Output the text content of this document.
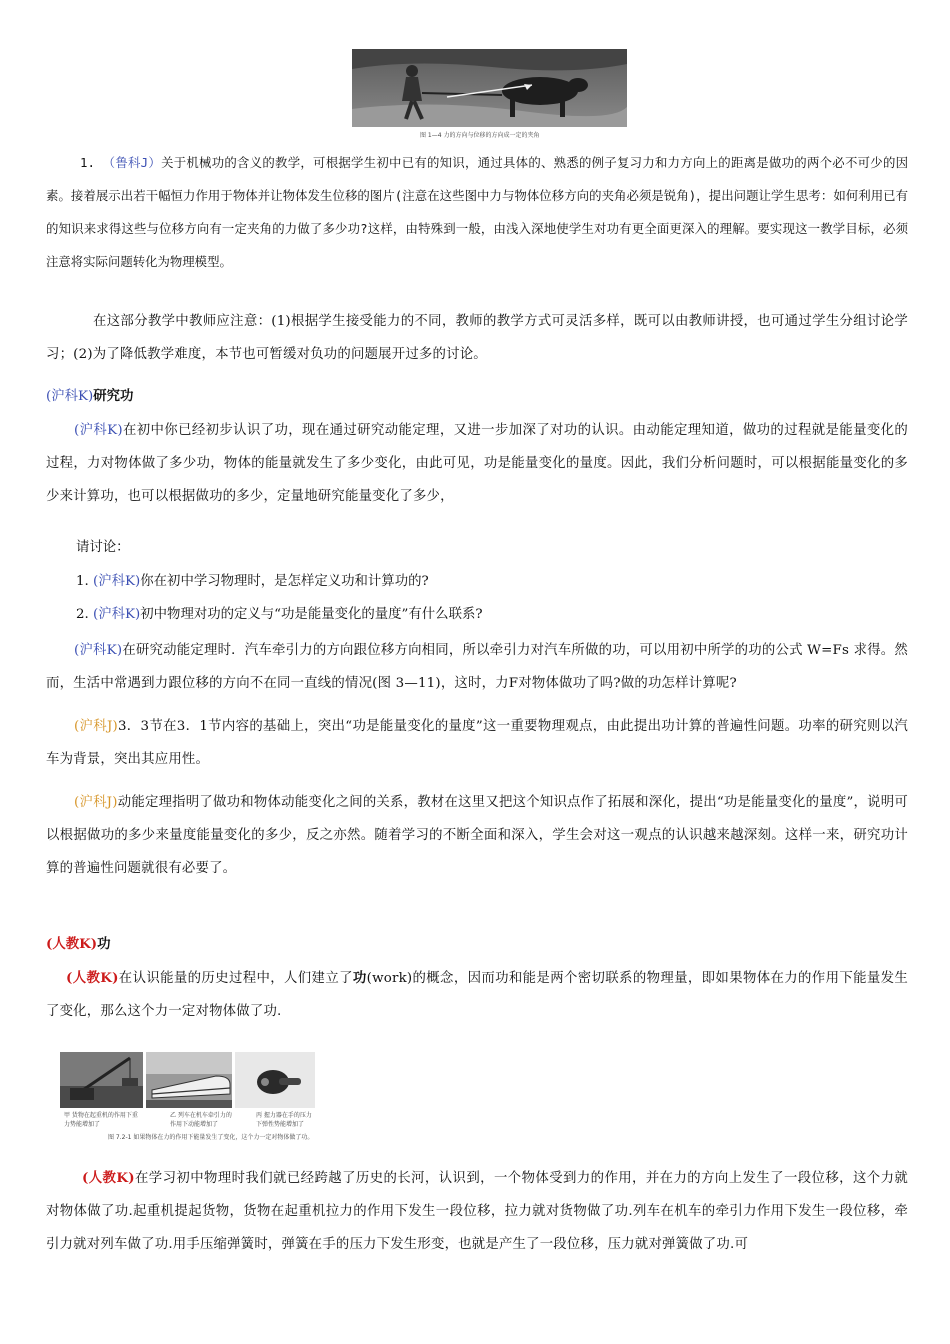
图 1—4 力的方向与位移的方向成一定的夹角
1. （鲁科J）关于机械功的含义的教学，可根据学生初中已有的知识，通过具体的、熟悉的例子复习力和力方向上的距离是做功的两个必不可少的因素。接着展示出若干幅恒力作用于物体并让物体发生位移的图片(注意在这些图中力与物体位移方向的夹角必须是锐角)，提出问题让学生思考：如何利用已有的知识来求得这些与位移方向有一定夹角的力做了多少功?这样，由特殊到一般，由浅入深地使学生对功有更全面更深入的理解。要实现这一教学目标，必须注意将实际问题转化为物理模型。
在这部分教学中教师应注意：(1)根据学生接受能力的不同，教师的教学方式可灵活多样，既可以由教师讲授，也可通过学生分组讨论学习；(2)为了降低教学难度，本节也可暂缓对负功的问题展开过多的讨论。
(沪科K)研究功
(沪科K)在初中你已经初步认识了功，现在通过研究动能定理，又进一步加深了对功的认识。由动能定理知道，做功的过程就是能量变化的过程，力对物体做了多少功，物体的能量就发生了多少变化，由此可见，功是能量变化的量度。因此，我们分析问题时，可以根据能量变化的多少来计算功，也可以根据做功的多少，定量地研究能量变化了多少，
请讨论：
1. (沪科K)你在初中学习物理时，是怎样定义功和计算功的?
2. (沪科K)初中物理对功的定义与“功是能量变化的量度”有什么联系?
(沪科K)在研究动能定理时．汽车牵引力的方向跟位移方向相同，所以牵引力对汽车所做的功，可以用初中所学的功的公式 W=Fs 求得。然而，生活中常遇到力跟位移的方向不在同一直线的情况(图 3—11)，这时，力F对物体做功了吗?做的功怎样计算呢?
(沪科J)3．3节在3．1节内容的基础上，突出“功是能量变化的量度”这一重要物理观点，由此提出功计算的普遍性问题。功率的研究则以汽车为背景，突出其应用性。
(沪科J)动能定理指明了做功和物体动能变化之间的关系，教材在这里又把这个知识点作了拓展和深化，提出“功是能量变化的量度”，说明可以根据做功的多少来量度能量变化的多少，反之亦然。随着学习的不断全面和深入，学生会对这一观点的认识越来越深刻。这样一来，研究功计算的普遍性问题就很有必要了。
(人教K)功
(人教K)在认识能量的历史过程中，人们建立了功(work)的概念，因而功和能是两个密切联系的物理量，即如果物体在力的作用下能量发生了变化，那么这个力一定对物体做了功.
甲 货物在起重机的作用下重力势能增加了
乙 列车在机车牵引力的作用下动能增加了
丙 握力器在手的压力下弹性势能增加了
图 7.2-1 如果物体在力的作用下能量发生了变化，这个力一定对物体做了功。
(人教K)在学习初中物理时我们就已经跨越了历史的长河，认识到，一个物体受到力的作用，并在力的方向上发生了一段位移，这个力就对物体做了功.起重机提起货物，货物在起重机拉力的作用下发生一段位移，拉力就对货物做了功.列车在机车的牵引力作用下发生一段位移，牵引力就对列车做了功.用手压缩弹簧时，弹簧在手的压力下发生形变，也就是产生了一段位移，压力就对弹簧做了功.可
